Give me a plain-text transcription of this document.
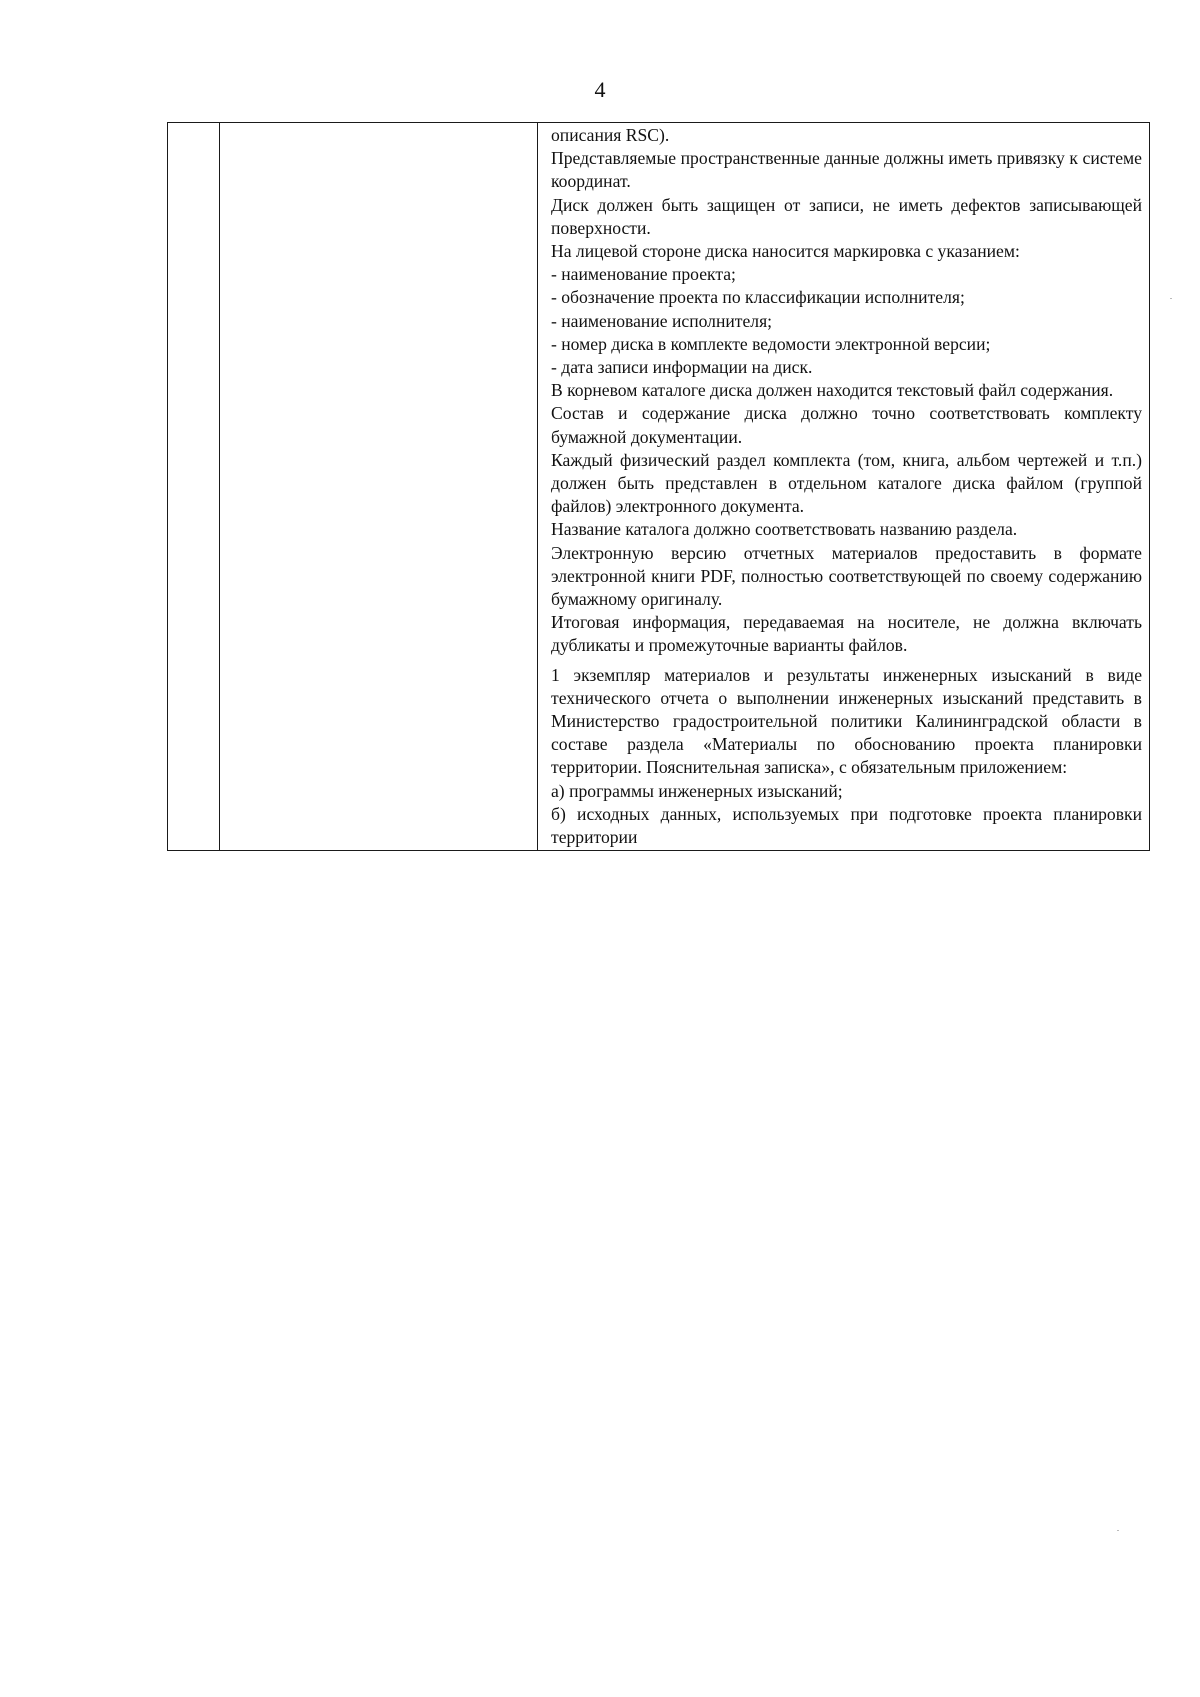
4

описания RSC).

Представляемые пространственные данные должны иметь привязку к системе координат.

Диск должен быть защищен от записи, не иметь дефектов записывающей поверхности.

На лицевой стороне диска наносится маркировка с указанием:

- наименование проекта;

- обозначение проекта по классификации исполнителя;

- наименование исполнителя;

- номер диска в комплекте ведомости электронной версии;

- дата записи информации на диск.

В корневом каталоге диска должен находится текстовый файл содержания.

Состав и содержание диска должно точно соответствовать комплекту бумажной документации.

Каждый физический раздел комплекта (том, книга, альбом чертежей и т.п.) должен быть представлен в отдельном каталоге диска файлом (группой файлов) электронного документа.

Название каталога должно соответствовать названию раздела.

Электронную версию отчетных материалов предоставить в формате электронной книги PDF, полностью соответствующей по своему содержанию бумажному оригиналу.

Итоговая информация, передаваемая на носителе, не должна включать дубликаты и промежуточные варианты файлов.

1 экземпляр материалов и результаты инженерных изысканий в виде технического отчета о выполнении инженерных изысканий представить в Министерство градостроительной политики Калининградской области в составе раздела «Материалы по обоснованию проекта планировки территории. Пояснительная записка», с обязательным приложением:

а) программы инженерных изысканий;

б) исходных данных, используемых при подготовке проекта планировки территории
